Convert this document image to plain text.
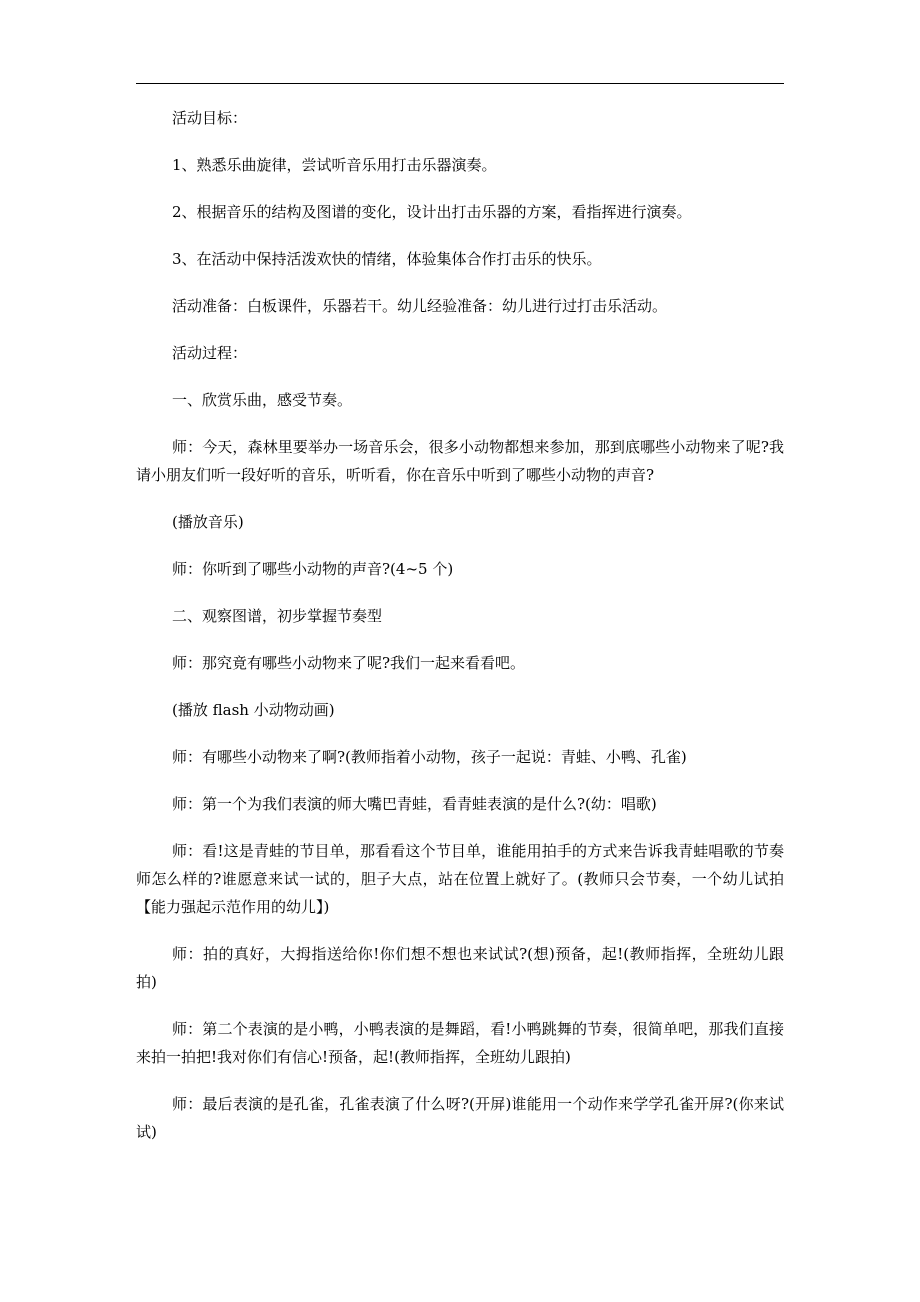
活动目标：

1、熟悉乐曲旋律，尝试听音乐用打击乐器演奏。

2、根据音乐的结构及图谱的变化，设计出打击乐器的方案，看指挥进行演奏。

3、在活动中保持活泼欢快的情绪，体验集体合作打击乐的快乐。

活动准备：白板课件，乐器若干。幼儿经验准备：幼儿进行过打击乐活动。

活动过程：

一、欣赏乐曲，感受节奏。

师：今天，森林里要举办一场音乐会，很多小动物都想来参加，那到底哪些小动物来了呢?我请小朋友们听一段好听的音乐，听听看，你在音乐中听到了哪些小动物的声音?

(播放音乐)

师：你听到了哪些小动物的声音?(4~5 个)

二、观察图谱，初步掌握节奏型

师：那究竟有哪些小动物来了呢?我们一起来看看吧。

(播放 flash 小动物动画)

师：有哪些小动物来了啊?(教师指着小动物，孩子一起说：青蛙、小鸭、孔雀)

师：第一个为我们表演的师大嘴巴青蛙，看青蛙表演的是什么?(幼：唱歌)

师：看!这是青蛙的节目单，那看看这个节目单，谁能用拍手的方式来告诉我青蛙唱歌的节奏师怎么样的?谁愿意来试一试的，胆子大点，站在位置上就好了。(教师只会节奏，一个幼儿试拍 【能力强起示范作用的幼儿】)

师：拍的真好，大拇指送给你!你们想不想也来试试?(想)预备，起!(教师指挥，全班幼儿跟拍)

师：第二个表演的是小鸭，小鸭表演的是舞蹈，看!小鸭跳舞的节奏，很简单吧，那我们直接来拍一拍把!我对你们有信心!预备，起!(教师指挥，全班幼儿跟拍)

师：最后表演的是孔雀，孔雀表演了什么呀?(开屏)谁能用一个动作来学学孔雀开屏?(你来试试)
